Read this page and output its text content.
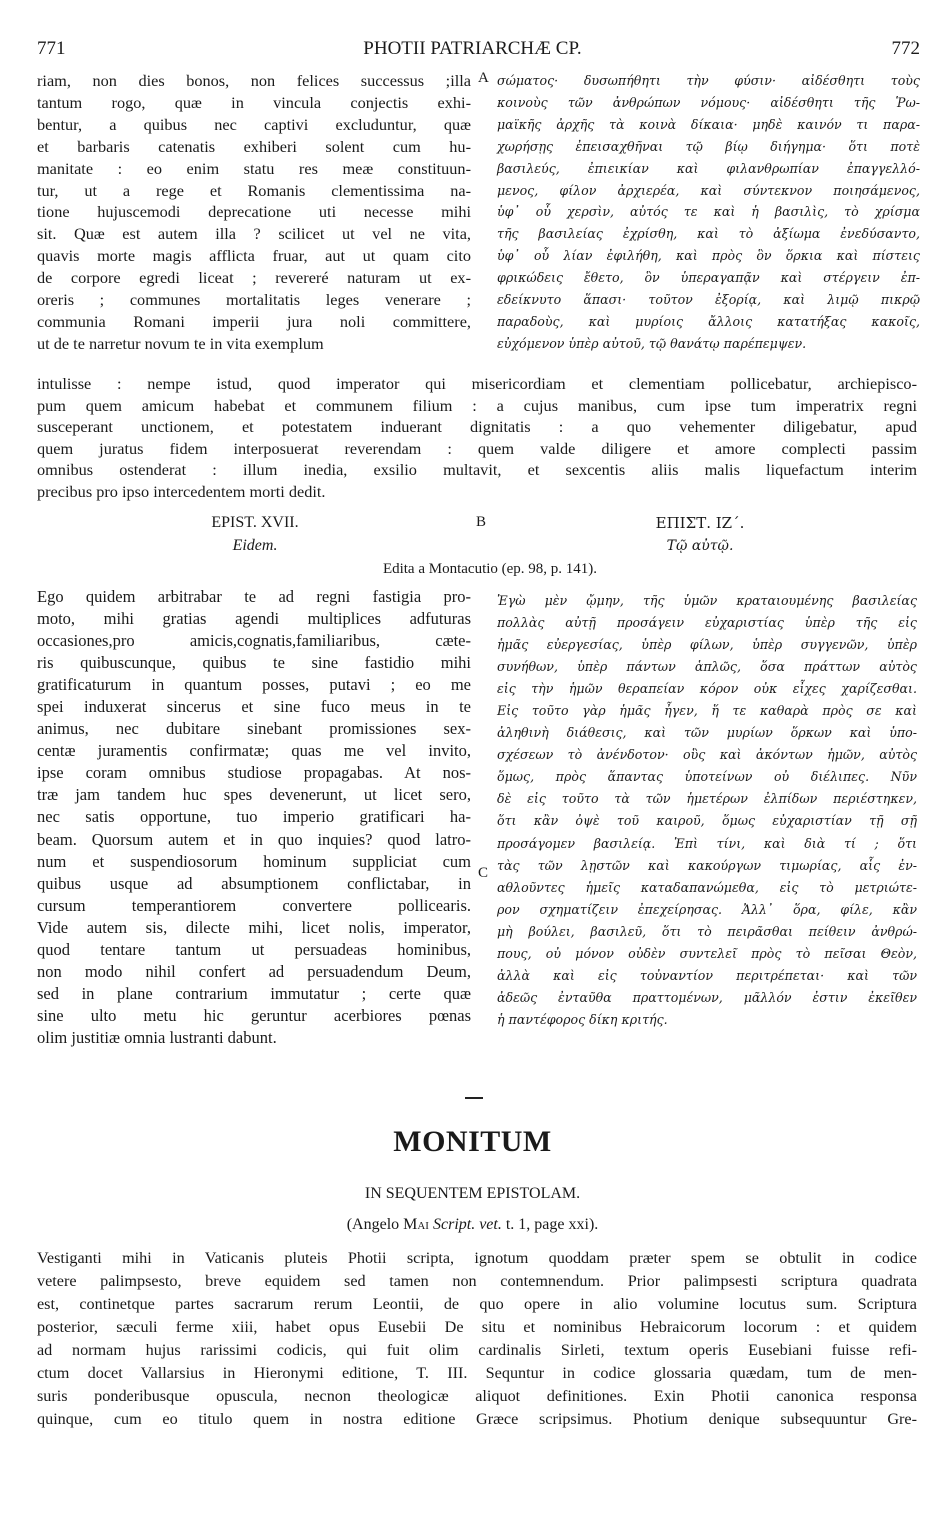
771	PHOTII PATRIARCHÆ CP.	772
riam, non dies bonos, non felices successus ;illa
tantum rogo, quæ in vincula conjectis exhi-
bentur, a quibus nec captivi excluduntur, quæ
et barbaris catenatis exhiberi solent cum hu-
manitate : eo enim statu res meæ constituun-
tur, ut a rege et Romanis clementissima na-
tione hujuscemodi deprecatione uti necesse mihi
sit. Quæ est autem illa ? scilicet ut vel ne vita,
quavis morte magis afflicta fruar, aut ut quam cito
de corpore egredi liceat ; revereré naturam ut ex-
oreris ; communes mortalitatis leges venerare ;
communia Romani imperii jura noli committere,
ut de te narretur novum te in vita exemplum
A σώματος· δυσωπήθητι τὴν φύσιν· αἰδέσθητι τοὺς
κοινοὺς τῶν ἀνθρώπων νόμους· αἰδέσθητι τῆς Ῥω-
μαϊκῆς ἀρχῆς τὰ κοινὰ δίκαια· μηδὲ καινόν τι παρα-
χωρήσῃς ἐπεισαχθῆναι τῷ βίῳ διήγημα· ὅτι ποτὲ
βασιλεύς, ἐπιεικίαν καὶ φιλανθρωπίαν ἐπαγγελλό-
μενος, φίλον ἀρχιερέα, καὶ σύντεκνον ποιησάμενος,
ὑφ᾽ οὗ χερσὶν, αὐτός τε καὶ ἡ βασιλὶς, τὸ χρίσμα
τῆς βασιλείας ἐχρίσθη, καὶ τὸ ἀξίωμα ἐνεδύσαντο,
ὑφ᾽ οὗ λίαν ἐφιλήθη, καὶ πρὸς ὃν ὅρκια καὶ πίστεις
φρικώδεις ἔθετο, ὃν ὑπεραγαπᾷν καὶ στέργειν ἐπ-
εδείκνυτο ἅπασι· τοῦτον ἐξορίᾳ, καὶ λιμῷ πικρῷ
παραδοὺς, καὶ μυρίοις ἄλλοις κατατήξας κακοῖς,
εὐχόμενον ὑπὲρ αὐτοῦ, τῷ θανάτῳ παρέπεμψεν.
intulisse : nempe istud, quod imperator qui misericordiam et clementiam pollicebatur, archiepisco-
pum quem amicum habebat et communem filium : a cujus manibus, cum ipse tum imperatrix regni
susceperant unctionem, et potestatem induerant dignitatis : a quo vehementer diligebatur, apud
quem juratus fidem interposuerat reverendam : quem valde diligere et amore complecti passim
omnibus ostenderat : illum inedia, exsilio multavit, et sexcentis aliis malis liquefactum interim
precibus pro ipso intercedentem morti dedit.
EPIST. XVII.
Eidem.
B	ΕΠΙΣΤ. ΙΖ΄.
Τῷ αὐτῷ.
Edita a Montacutio (ep. 98, p. 141).
Ego quidem arbitrabar te ad regni fastigia pro-
moto, mihi gratias agendi multiplices adfuturas
occasiones,pro amicis,cognatis,familiaribus, cæte-
ris quibuscunque, quibus te sine fastidio mihi
gratificaturum in quantum posses, putavi ; eo me
spei induxerat sincerus et sine fuco meus in te
animus, nec dubitare sinebant promissiones sex-
centæ juramentis confirmatæ; quas me vel invito,
ipse coram omnibus studiose propagabas. At nos-
træ jam tandem huc spes devenerunt, ut licet sero,
nec satis opportune, tuo imperio gratificari ha-
beam. Quorsum autem et in quo inquies? quod latro-
num et suspendiosorum hominum suppliciat cum
quibus usque ad absumptionem conflictabar, in
cursum temperantiorem convertere pollicearis.
Vide autem sis, dilecte mihi, licet nolis, imperator,
quod tentare tantum ut persuadeas hominibus,
non modo nihil confert ad persuadendum Deum,
sed in plane contrarium immutatur ; certe quæ
sine ulto metu hic geruntur acerbiores pœnas
olim justitiæ omnia lustranti dabunt.
C
Ἐγὼ μὲν ᾤμην, τῆς ὑμῶν κραταιουμένης βασιλείας
πολλὰς αὐτῇ προσάγειν εὐχαριστίας ὑπὲρ τῆς εἰς
ἡμᾶς εὐεργεσίας, ὑπὲρ φίλων, ὑπὲρ συγγενῶν, ὑπὲρ
συνήθων, ὑπὲρ πάντων ἁπλῶς, ὅσα πράττων αὐτὸς
εἰς τὴν ἡμῶν θεραπείαν κόρον οὐκ εἶχες χαρίζεσθαι.
Εἰς τοῦτο γὰρ ἡμᾶς ἦγεν, ἥ τε καθαρὰ πρὸς σε καὶ
ἀληθινὴ διάθεσις, καὶ τῶν μυρίων ὅρκων καὶ ὑπο-
σχέσεων τὸ ἀνένδοτον· οὓς καὶ ἀκόντων ἡμῶν, αὐτὸς
ὅμως, πρὸς ἅπαντας ὑποτείνων οὐ διέλιπες. Νῦν
δὲ εἰς τοῦτο τὰ τῶν ἡμετέρων ἐλπίδων περιέστηκεν,
ὅτι κἂν ὀψὲ τοῦ καιροῦ, ὅμως εὐχαριστίαν τῇ σῇ
προσάγομεν βασιλείᾳ. Ἐπὶ τίνι, καὶ διὰ τί ; ὅτι
τὰς τῶν λῃστῶν καὶ κακούργων τιμωρίας, αἷς ἐν-
αθλοῦντες ἡμεῖς καταδαπανώμεθα, εἰς τὸ μετριώτε-
ρον σχηματίζειν ἐπεχείρησας. Ἀλλ᾽ ὅρα, φίλε, κἂν
μὴ βούλει, βασιλεῦ, ὅτι τὸ πειρᾶσθαι πείθειν ἀνθρώ-
πους, οὐ μόνον οὐδὲν συντελεῖ πρὸς τὸ πεῖσαι Θεὸν,
ἀλλὰ καὶ εἰς τοὐναντίον περιτρέπεται· καὶ τῶν
ἀδεῶς ἐνταῦθα πραττομένων, μᾶλλόν ἐστιν ἐκεῖθεν
ἡ παντέφορος δίκη κριτής.
MONITUM
IN SEQUENTEM EPISTOLAM.
(Angelo Mai Script. vet. t. 1, page xxi).
Vestiganti mihi in Vaticanis pluteis Photii scripta, ignotum quoddam præter spem se obtulit in codice
vetere palimpsesto, breve equidem sed tamen non contemnendum. Prior palimpsesti scriptura quadrata
est, continetque partes sacrarum rerum Leontii, de quo opere in alio volumine locutus sum. Scriptura
posterior, sæculi ferme xiii, habet opus Eusebii De situ et nominibus Hebraicorum locorum : et quidem
ad normam hujus rarissimi codicis, qui fuit olim cardinalis Sirleti, textum operis Eusebiani fuisse refi-
ctum docet Vallarsius in Hieronymi editione, T. III. Sequntur in codice glossaria quædam, tum de men-
suris ponderibusque opuscula, necnon theologicæ aliquot definitiones. Exin Photii canonica responsa
quinque, cum eo titulo quem in nostra editione Græce scripsimus. Photium denique subsequuntur Gre-
